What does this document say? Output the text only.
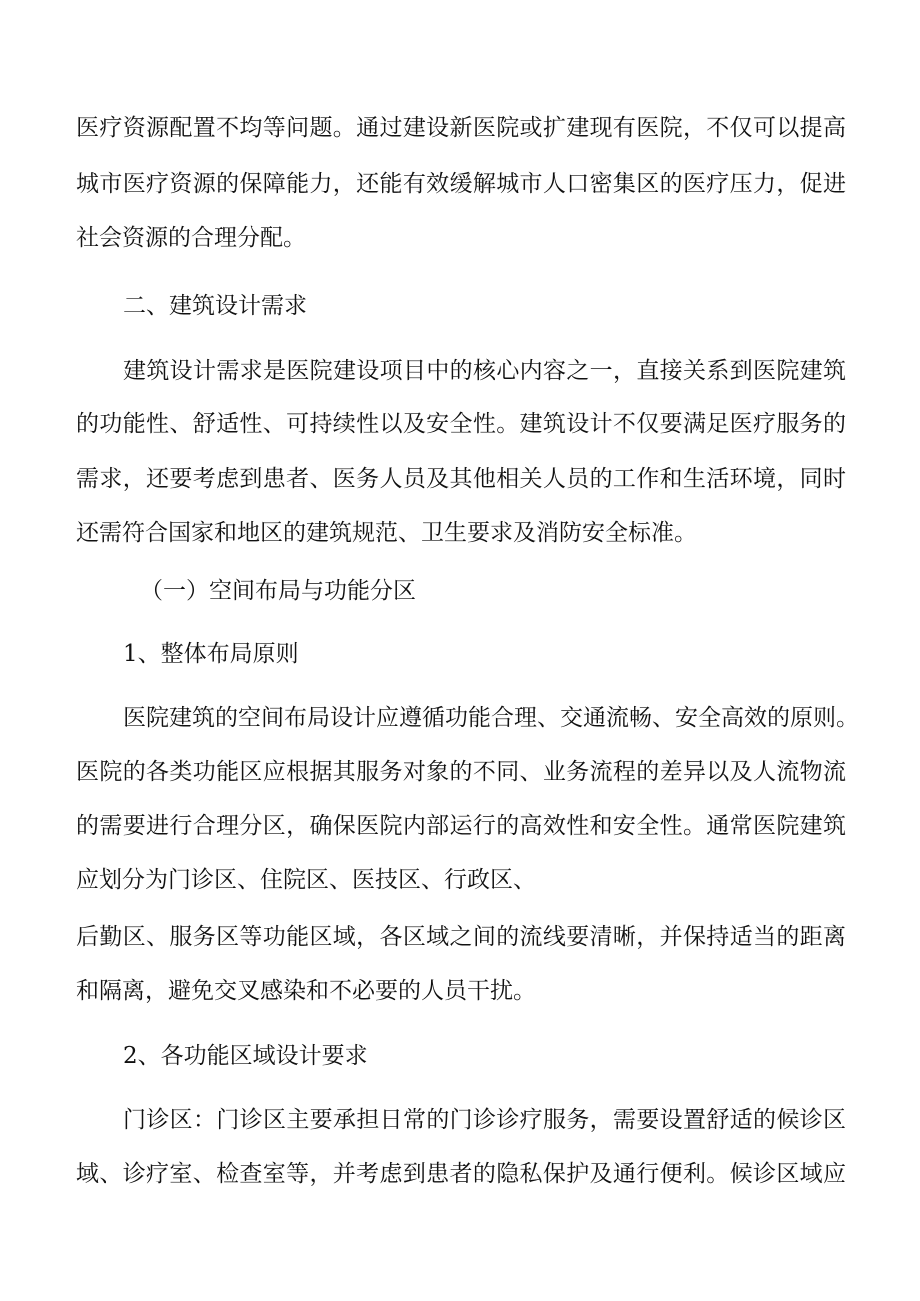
医疗资源配置不均等问题。通过建设新医院或扩建现有医院，不仅可以提高
城市医疗资源的保障能力，还能有效缓解城市人口密集区的医疗压力，促进
社会资源的合理分配。
二、建筑设计需求
建筑设计需求是医院建设项目中的核心内容之一，直接关系到医院建筑
的功能性、舒适性、可持续性以及安全性。建筑设计不仅要满足医疗服务的
需求，还要考虑到患者、医务人员及其他相关人员的工作和生活环境，同时
还需符合国家和地区的建筑规范、卫生要求及消防安全标准。
（一）空间布局与功能分区
1、整体布局原则
医院建筑的空间布局设计应遵循功能合理、交通流畅、安全高效的原则。
医院的各类功能区应根据其服务对象的不同、业务流程的差异以及人流物流
的需要进行合理分区，确保医院内部运行的高效性和安全性。通常医院建筑
应划分为门诊区、住院区、医技区、行政区、
后勤区、服务区等功能区域，各区域之间的流线要清晰，并保持适当的距离
和隔离，避免交叉感染和不必要的人员干扰。
2、各功能区域设计要求
门诊区：门诊区主要承担日常的门诊诊疗服务，需要设置舒适的候诊区
域、诊疗室、检查室等，并考虑到患者的隐私保护及通行便利。候诊区域应
